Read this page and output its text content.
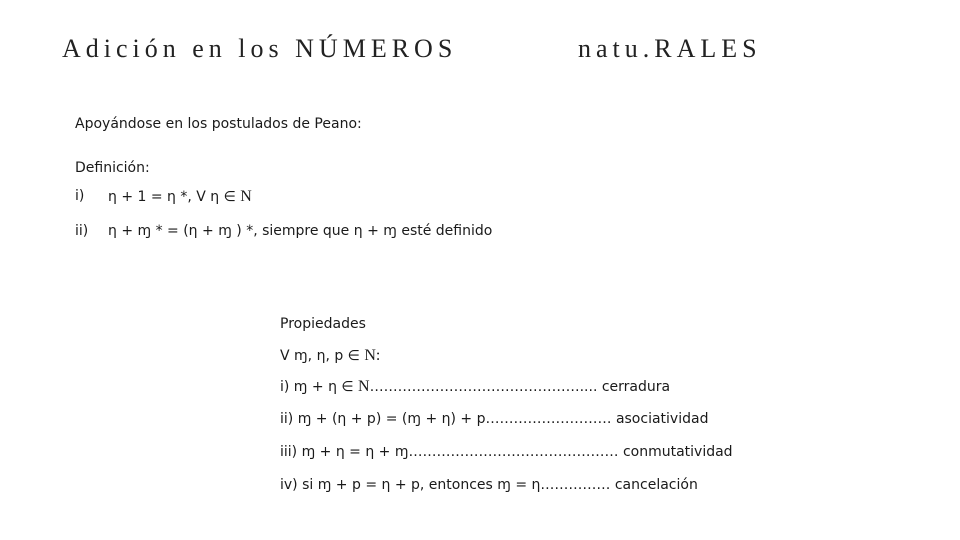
Adición en los NÚMEROS	natu.RALES
Apoyándose en los postulados de Peano:
Definición:
i) η + 1 = η *, V η ∈ N
ii) η + ɱ * = (η + ɱ ) *, siempre que η + ɱ esté definido
Propiedades
V ɱ, η, p ∈ N:
i) ɱ + η ∈ N……………………………………….... cerradura
ii) ɱ + (η + p) = (ɱ + η) + p……………………… asociatividad
iii) ɱ + η = η + ɱ……………………………………… conmutatividad
iv) si ɱ + p = η + p, entonces ɱ = η…………… cancelación
